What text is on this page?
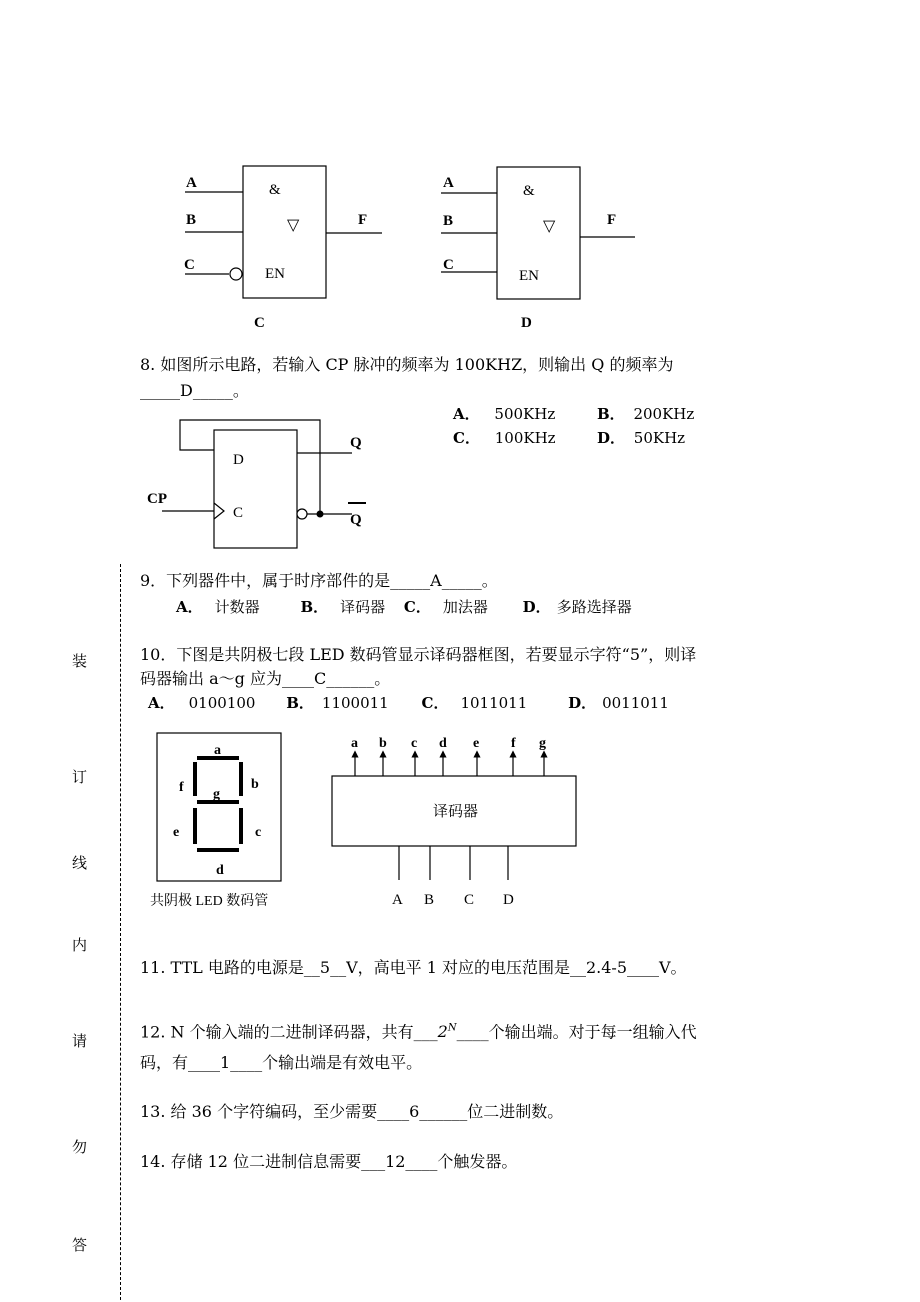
A
B
C
&
▽
EN
F
C
A
B
C
&
▽
EN
F
D
8. 如图所示电路，若输入 CP 脉冲的频率为 100KHZ，则输出 Q 的频率为
_____D_____。
A． 500KHz	B． 200KHz
C． 100KHz	D． 50KHz
D
C
CP
Q
Q
装
订
线
内
请
勿
答
9．下列器件中，属于时序部件的是_____A_____。
A． 计数器	B． 译码器 C． 加法器 D． 多路选择器
10．下图是共阴极七段 LED 数码管显示译码器框图，若要显示字符“5”，则译
码器输出 a～g 应为____C______。
A． 0100100 B． 1100011 C． 1011011	D． 0011011
a
b
c
d
e
f g
共阴极 LED 数码管
a b c d e f g
译码器
A B C D
11. TTL 电路的电源是__5__V，高电平 1 对应的电压范围是__2.4-5____V。
12. N 个输入端的二进制译码器，共有$\_\_\_2^N\_\_\_\_$个输出端。对于每一组输入代
码，有____1____个输出端是有效电平。
13. 给 36 个字符编码，至少需要____6______位二进制数。
14. 存储 12 位二进制信息需要___12____个触发器。
